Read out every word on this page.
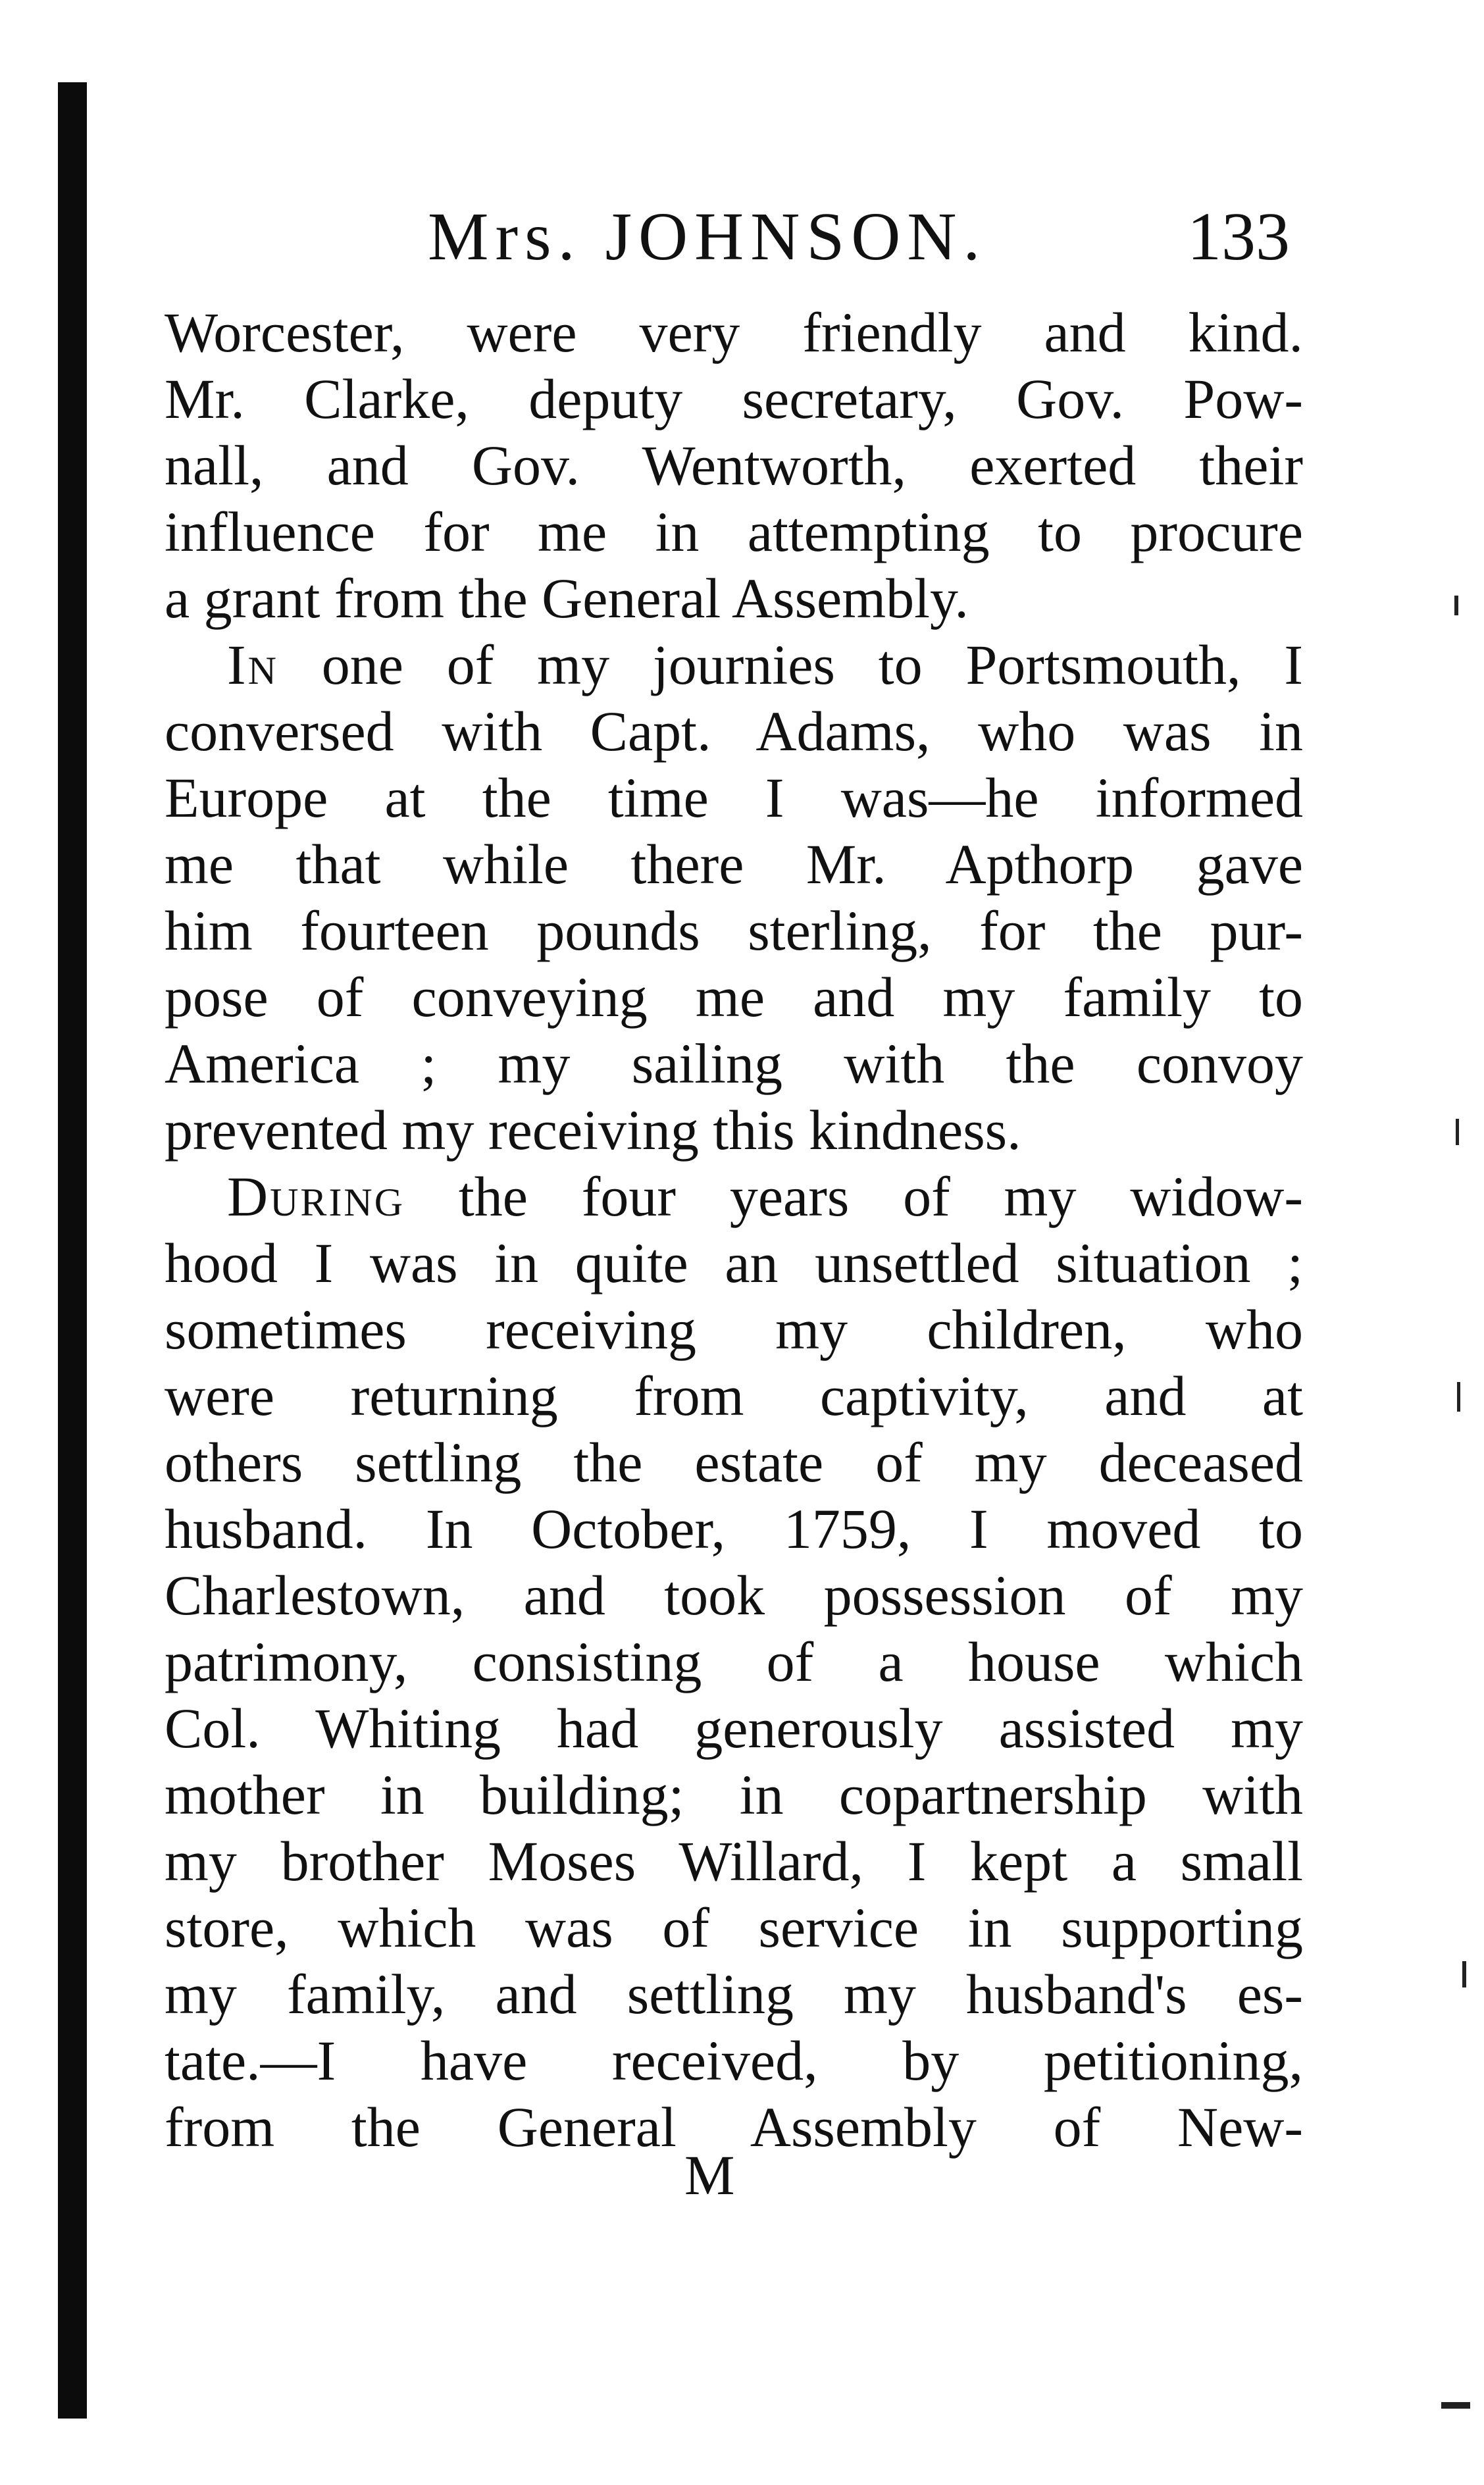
Mrs. JOHNSON.	133
Worcester, were very friendly and kind.
Mr. Clarke, deputy secretary, Gov. Pow-
nall, and Gov. Wentworth, exerted their
influence for me in attempting to procure
a grant from the General Assembly.
In one of my journies to Portsmouth, I
conversed with Capt. Adams, who was in
Europe at the time I was—he informed
me that while there Mr. Apthorp gave
him fourteen pounds sterling, for the pur-
pose of conveying me and my family to
America ; my sailing with the convoy
prevented my receiving this kindness.
During the four years of my widow-
hood I was in quite an unsettled situation ;
sometimes receiving my children, who
were returning from captivity, and at
others settling the estate of my deceased
husband. In October, 1759, I moved to
Charlestown, and took possession of my
patrimony, consisting of a house which
Col. Whiting had generously assisted my
mother in building; in copartnership with
my brother Moses Willard, I kept a small
store, which was of service in supporting
my family, and settling my husband's es-
tate.—I have received, by petitioning,
from the General Assembly of New-
M
